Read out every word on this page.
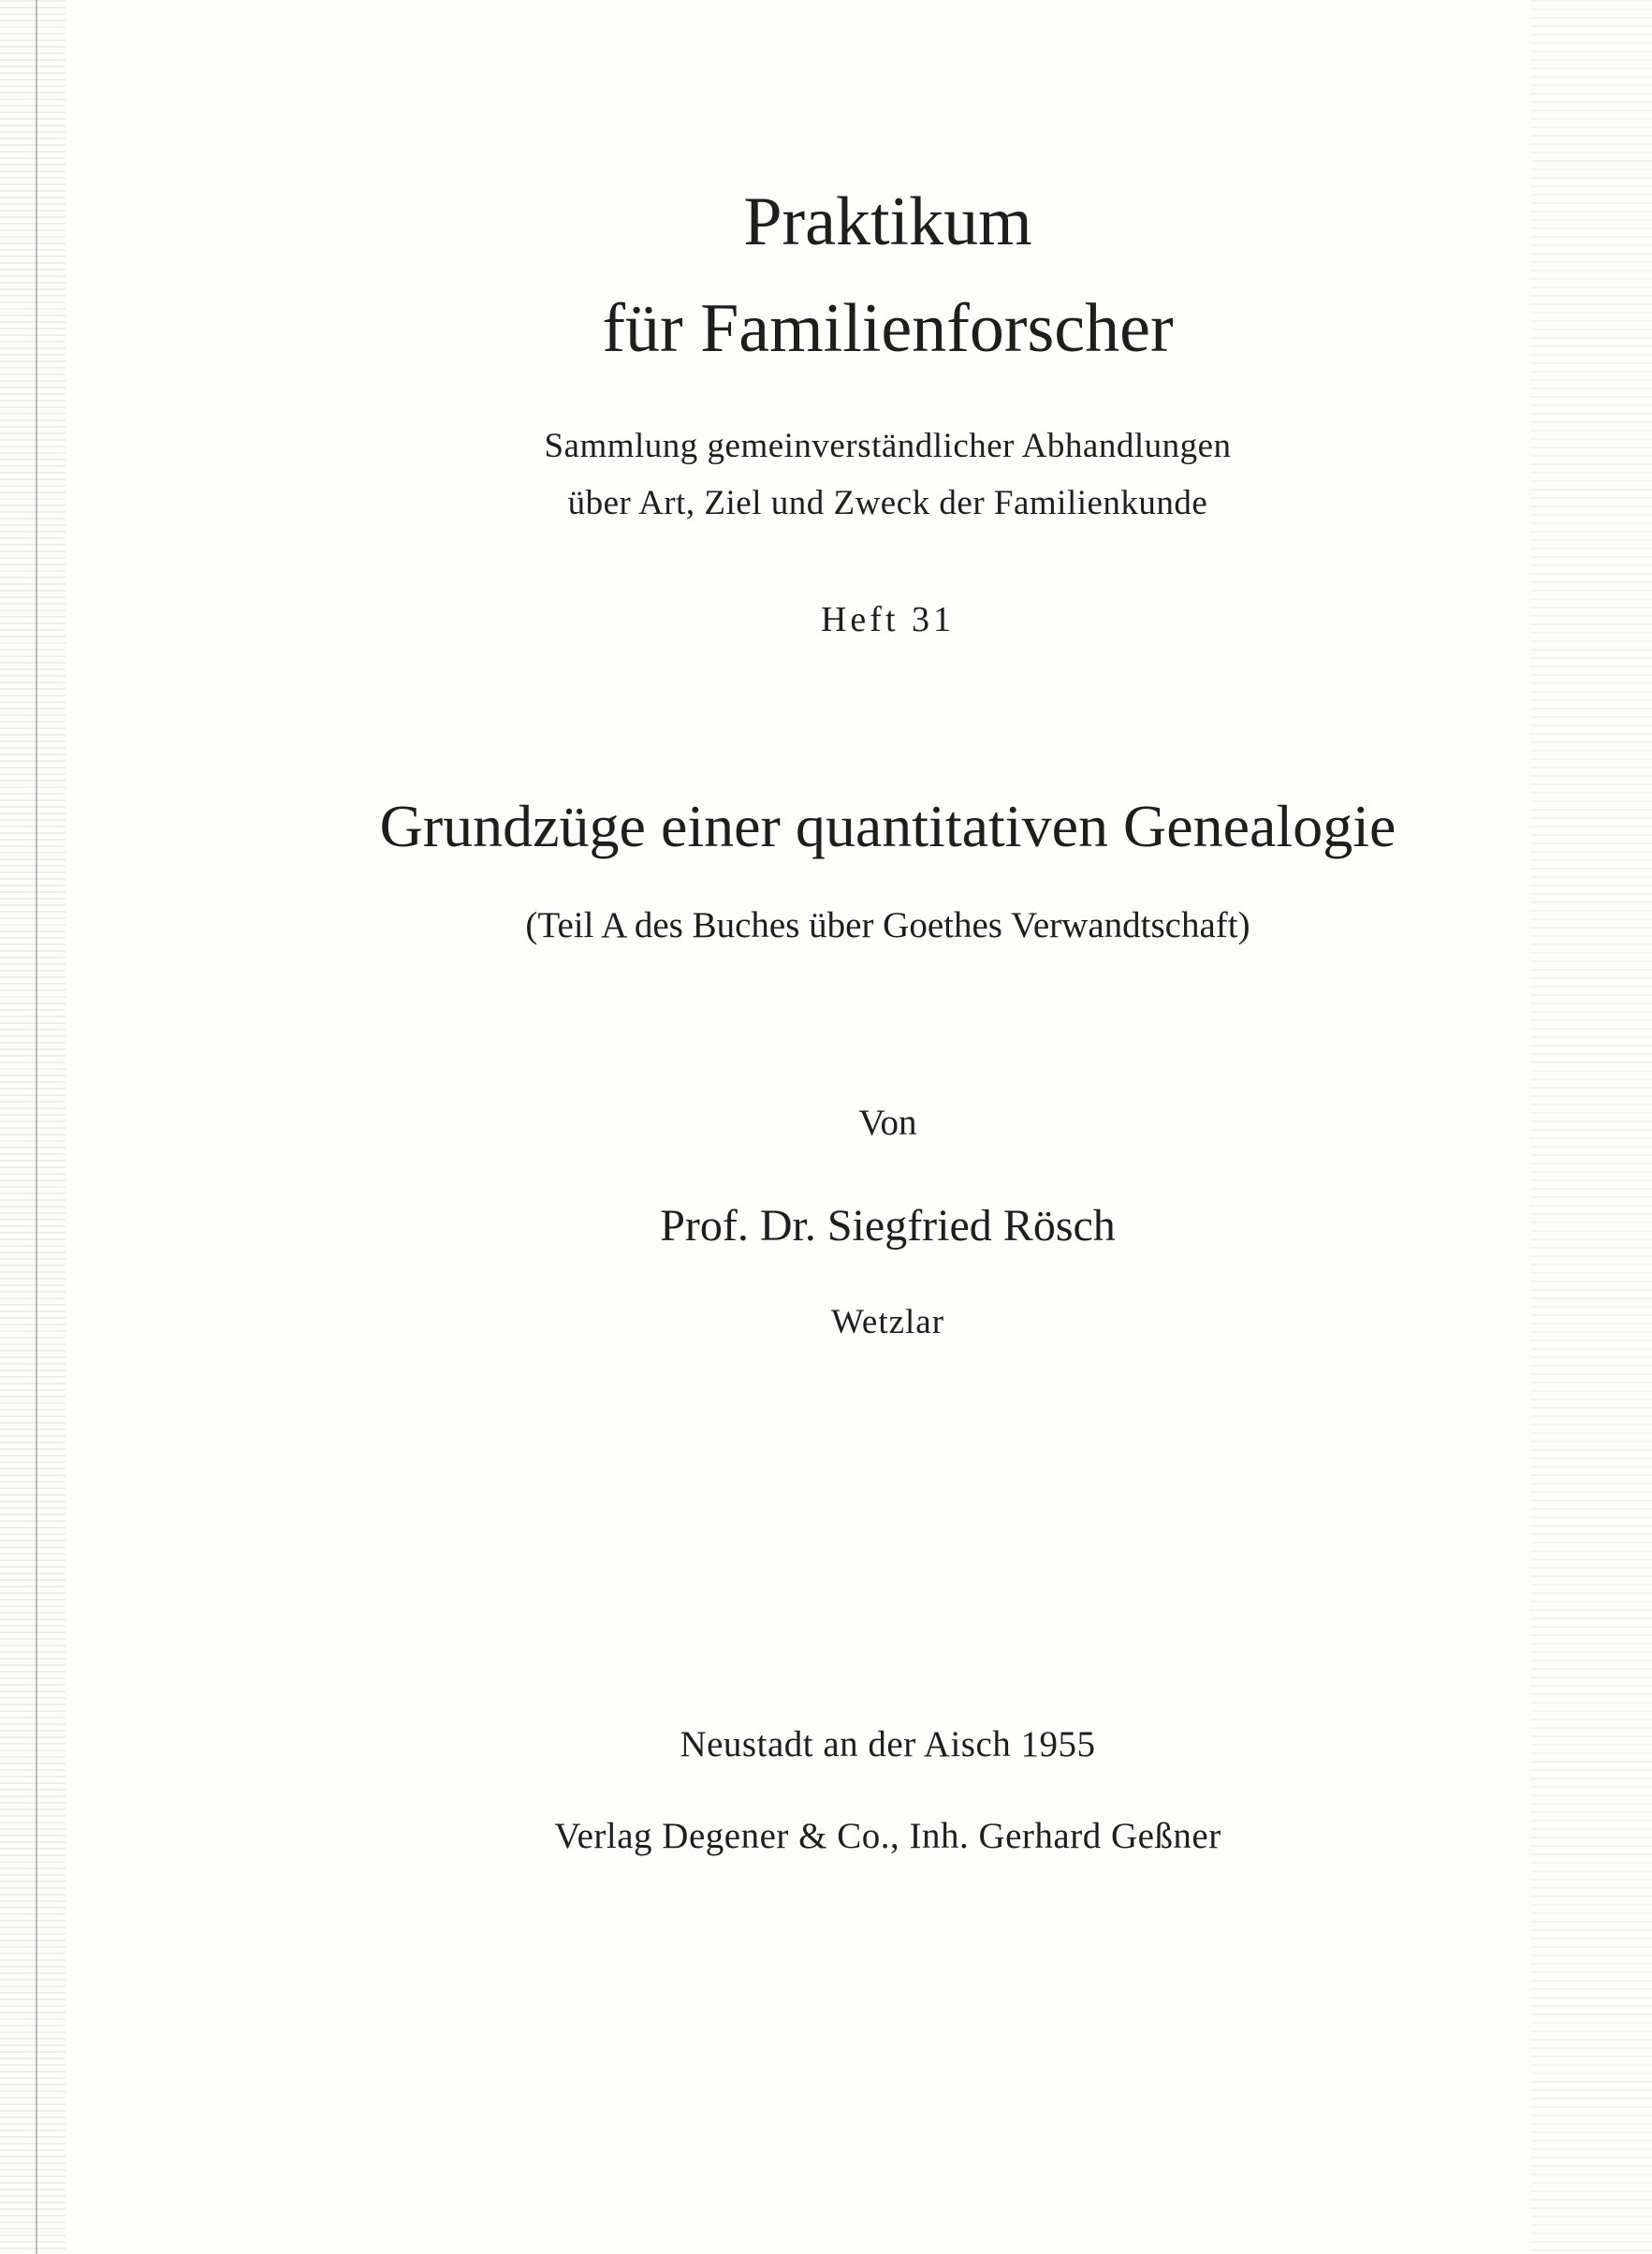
Praktikum
für Familienforscher
Sammlung gemeinverständlicher Abhandlungen
über Art, Ziel und Zweck der Familienkunde
Heft 31
Grundzüge einer quantitativen Genealogie
(Teil A des Buches über Goethes Verwandtschaft)
Von
Prof. Dr. Siegfried Rösch
Wetzlar
Neustadt an der Aisch 1955
Verlag Degener & Co., Inh. Gerhard Geßner
